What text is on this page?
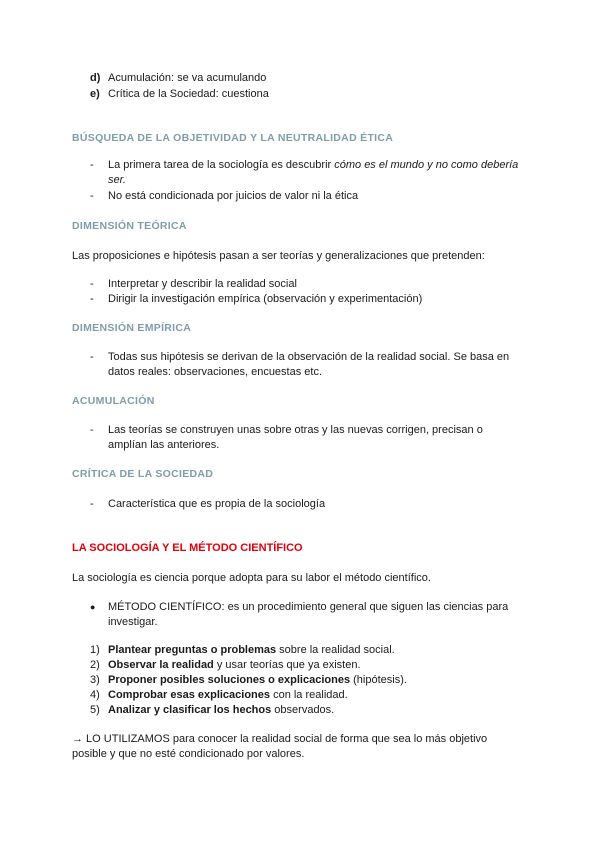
d) Acumulación: se va acumulando
e) Crítica de la Sociedad: cuestiona
BÚSQUEDA DE LA OBJETIVIDAD Y LA NEUTRALIDAD ÉTICA
- La primera tarea de la sociología es descubrir cómo es el mundo y no como debería ser.
- No está condicionada por juicios de valor ni la ética
DIMENSIÓN TEÓRICA
Las proposiciones e hipótesis pasan a ser teorías y generalizaciones que pretenden:
- Interpretar y describir la realidad social
- Dirigir la investigación empírica (observación y experimentación)
DIMENSIÓN EMPÍRICA
- Todas sus hipótesis se derivan de la observación de la realidad social. Se basa en datos reales: observaciones, encuestas etc.
ACUMULACIÓN
- Las teorías se construyen unas sobre otras y las nuevas corrigen, precisan o amplían las anteriores.
CRÍTICA DE LA SOCIEDAD
- Característica que es propia de la sociología
LA SOCIOLOGÍA Y EL MÉTODO CIENTÍFICO
La sociología es ciencia porque adopta para su labor el método científico.
● MÉTODO CIENTÍFICO: es un procedimiento general que siguen las ciencias para investigar.
1) Plantear preguntas o problemas sobre la realidad social.
2) Observar la realidad y usar teorías que ya existen.
3) Proponer posibles soluciones o explicaciones (hipótesis).
4) Comprobar esas explicaciones con la realidad.
5) Analizar y clasificar los hechos observados.
→ LO UTILIZAMOS para conocer la realidad social de forma que sea lo más objetivo posible y que no esté condicionado por valores.
